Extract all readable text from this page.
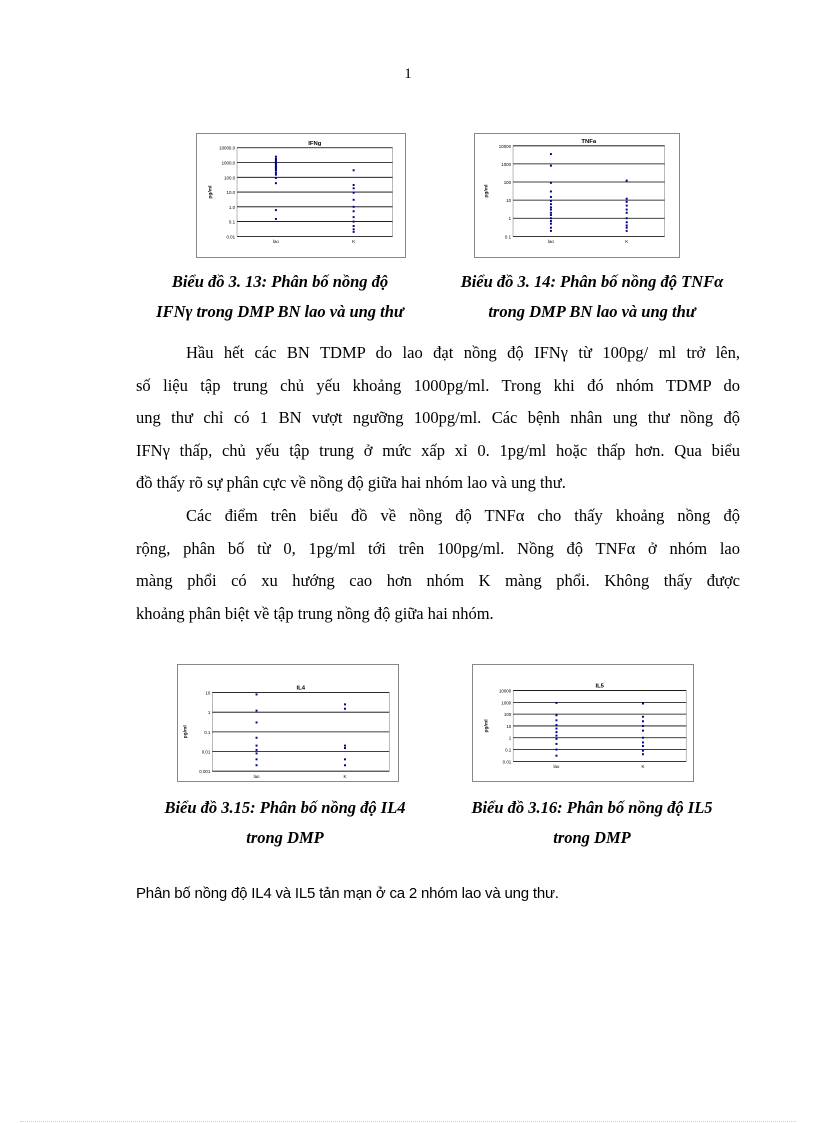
1
IFNg
10000.0
1000.0
100.0
10.0
1.0
0.1
0.01
pg/ml
lao	K
TNFa
10000
1000
100
10
1
0.1
pg/ml
lao	K
Biểu đồ 3. 13: Phân bố nồng độ
IFNγ trong DMP BN lao và ung thư
Biểu đồ 3. 14: Phân bố nồng độ TNFα
trong DMP BN lao và ung thư
Hầu hết các BN TDMP do lao đạt nồng độ IFNγ từ 100pg/ ml trở lên,
số liệu tập trung chủ yếu khoảng 1000pg/ml. Trong khi đó nhóm TDMP do
ung thư chỉ có 1 BN vượt ngưỡng 100pg/ml. Các bệnh nhân ung thư nồng độ
IFNγ thấp, chủ yếu tập trung ở mức xấp xỉ 0. 1pg/ml hoặc thấp hơn. Qua biểu
đồ thấy rõ sự phân cực về nồng độ giữa hai nhóm lao và ung thư.
Các điểm trên biểu đồ về nồng độ TNFα cho thấy khoảng nồng độ
rộng, phân bố từ 0, 1pg/ml tới trên 100pg/ml. Nồng độ TNFα ở nhóm lao
màng phổi có xu hướng cao hơn nhóm K màng phổi. Không thấy được
khoảng phân biệt về tập trung nồng độ giữa hai nhóm.
IL4
10
1
0.1
0.01
0.001
pg/ml
lao	K
IL5
10000
1000
100
10
1
0.1
0.01
pg/ml
lao	K
Biểu đồ 3.15: Phân bố nồng độ IL4
trong DMP
Biểu đồ 3.16: Phân bố nồng độ IL5
trong DMP
Phân bố nồng độ IL4 và IL5 tản mạn ở ca 2 nhóm lao và ung thư.
